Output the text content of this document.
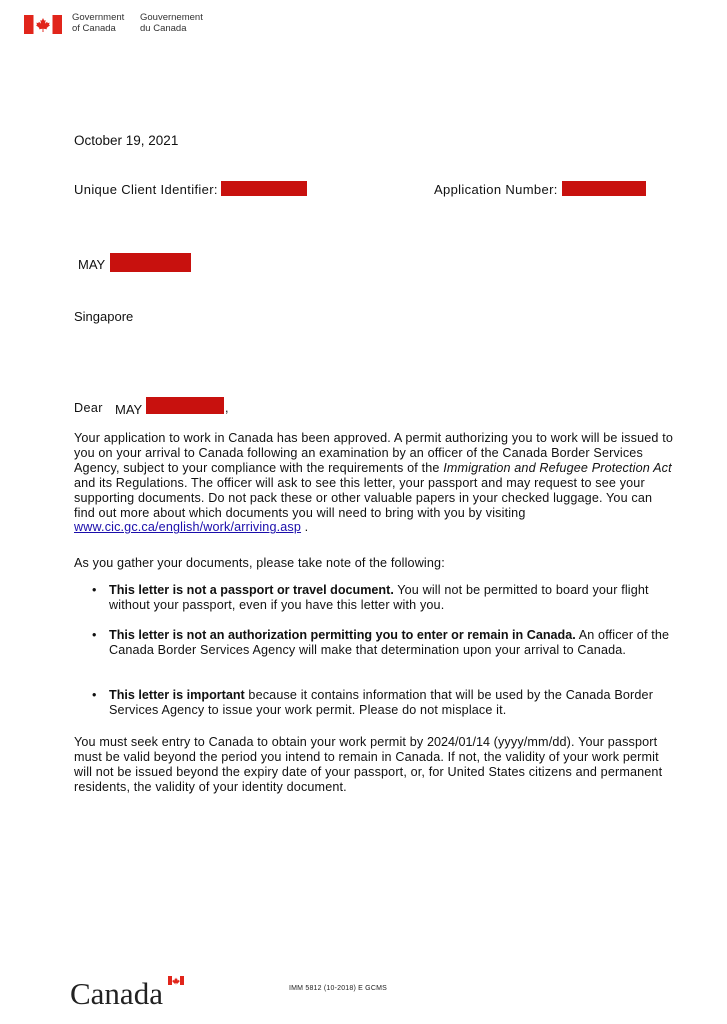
Government
of Canada
Gouvernement
du Canada
October 19, 2021
Unique Client Identifier:	Application Number:
MAY
Singapore
Dear MAY	,
Your application to work in Canada has been approved. A permit authorizing you to work will be issued to you on your arrival to Canada following an examination by an officer of the Canada Border Services Agency, subject to your compliance with the requirements of the Immigration and Refugee Protection Act and its Regulations. The officer will ask to see this letter, your passport and may request to see your supporting documents. Do not pack these or other valuable papers in your checked luggage. You can find out more about which documents you will need to bring with you by visiting www.cic.gc.ca/english/work/arriving.asp .
As you gather your documents, please take note of the following:
• This letter is not a passport or travel document. You will not be permitted to board your flight without your passport, even if you have this letter with you.
• This letter is not an authorization permitting you to enter or remain in Canada. An officer of the Canada Border Services Agency will make that determination upon your arrival to Canada.
• This letter is important because it contains information that will be used by the Canada Border Services Agency to issue your work permit. Please do not misplace it.
You must seek entry to Canada to obtain your work permit by 2024/01/14 (yyyy/mm/dd). Your passport must be valid beyond the period you intend to remain in Canada. If not, the validity of your work permit will not be issued beyond the expiry date of your passport, or, for United States citizens and permanent residents, the validity of your identity document.
Canada	IMM 5812 (10-2018) E GCMS
